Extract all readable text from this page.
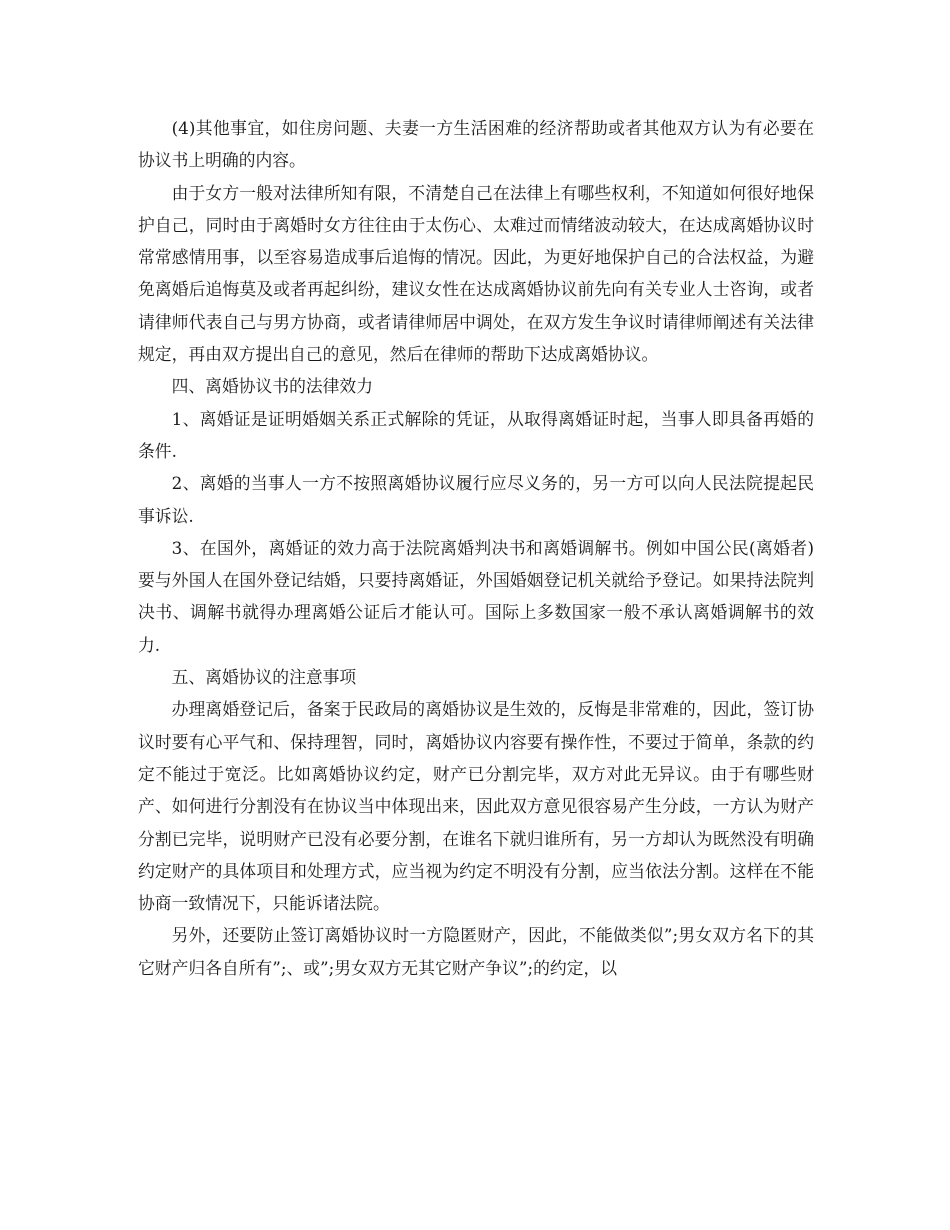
(4)其他事宜，如住房问题、夫妻一方生活困难的经济帮助或者其他双方认为有必要在协议书上明确的内容。

由于女方一般对法律所知有限，不清楚自己在法律上有哪些权利，不知道如何很好地保护自己，同时由于离婚时女方往往由于太伤心、太难过而情绪波动较大，在达成离婚协议时常常感情用事，以至容易造成事后追悔的情况。因此，为更好地保护自己的合法权益，为避免离婚后追悔莫及或者再起纠纷，建议女性在达成离婚协议前先向有关专业人士咨询，或者请律师代表自己与男方协商，或者请律师居中调处，在双方发生争议时请律师阐述有关法律规定，再由双方提出自己的意见，然后在律师的帮助下达成离婚协议。

四、离婚协议书的法律效力

1、离婚证是证明婚姻关系正式解除的凭证，从取得离婚证时起，当事人即具备再婚的条件.

2、离婚的当事人一方不按照离婚协议履行应尽义务的，另一方可以向人民法院提起民事诉讼.

3、在国外，离婚证的效力高于法院离婚判决书和离婚调解书。例如中国公民(离婚者)要与外国人在国外登记结婚，只要持离婚证，外国婚姻登记机关就给予登记。如果持法院判决书、调解书就得办理离婚公证后才能认可。国际上多数国家一般不承认离婚调解书的效力.

五、离婚协议的注意事项

办理离婚登记后，备案于民政局的离婚协议是生效的，反悔是非常难的，因此，签订协议时要有心平气和、保持理智，同时，离婚协议内容要有操作性，不要过于简单，条款的约定不能过于宽泛。比如离婚协议约定，财产已分割完毕，双方对此无异议。由于有哪些财产、如何进行分割没有在协议当中体现出来，因此双方意见很容易产生分歧，一方认为财产分割已完毕，说明财产已没有必要分割，在谁名下就归谁所有，另一方却认为既然没有明确约定财产的具体项目和处理方式，应当视为约定不明没有分割，应当依法分割。这样在不能协商一致情况下，只能诉诸法院。

另外，还要防止签订离婚协议时一方隐匿财产，因此，不能做类似”;男女双方名下的其它财产归各自所有”;、或”;男女双方无其它财产争议”;的约定，以
